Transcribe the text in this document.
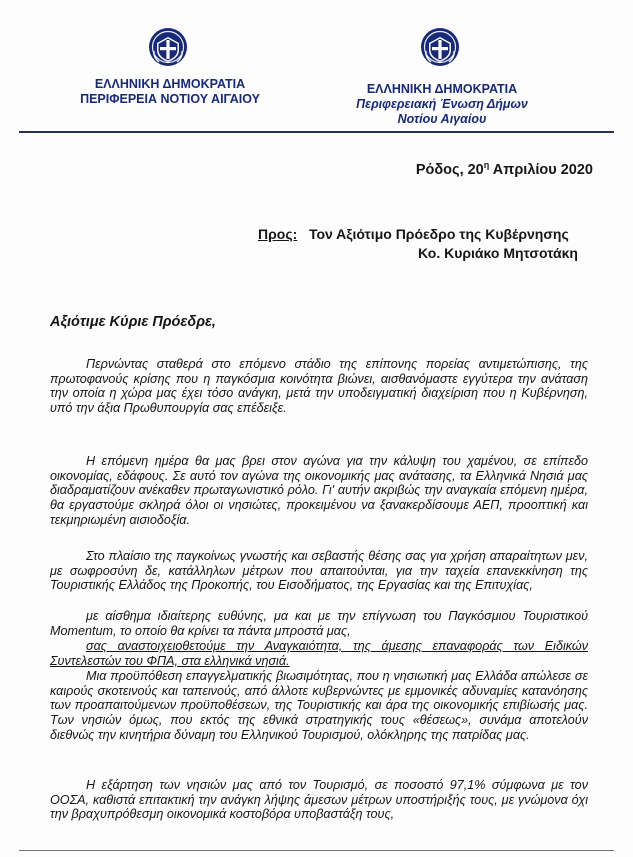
ΕΛΛΗΝΙΚΗ ΔΗΜΟΚΡΑΤΙΑ
ΠΕΡΙΦΕΡΕΙΑ ΝΟΤΙΟΥ ΑΙΓΑΙΟΥ
ΕΛΛΗΝΙΚΗ ΔΗΜΟΚΡΑΤΙΑ
Περιφερειακή Ένωση Δήμων
Νοτίου Αιγαίου
Ρόδος, $20^\eta$ Απριλίου 2020
Προς: Τον Αξιότιμο Πρόεδρο της Κυβέρνησης
Κο. Κυριάκο Μητσοτάκη
Αξιότιμε Κύριε Πρόεδρε,

Περνώντας σταθερά στο επόμενο στάδιο της επίπονης πορείας αντιμετώπισης, της πρωτοφανούς κρίσης που η παγκόσμια κοινότητα βιώνει, αισθανόμαστε εγγύτερα την ανάταση την οποία η χώρα μας έχει τόσο ανάγκη, μετά την υποδειγματική διαχείριση που η Κυβέρνηση, υπό την άξια Πρωθυπουργία σας επέδειξε.

Η επόμενη ημέρα θα μας βρει στον αγώνα για την κάλυψη του χαμένου, σε επίπεδο οικονομίας, εδάφους. Σε αυτό τον αγώνα της οικονομικής μας ανάτασης, τα Ελληνικά Νησιά μας διαδραματίζουν ανέκαθεν πρωταγωνιστικό ρόλο. Γι' αυτήν ακριβώς την αναγκαία επόμενη ημέρα, θα εργαστούμε σκληρά όλοι οι νησιώτες, προκειμένου να ξανακερδίσουμε ΑΕΠ, προοπτική και τεκμηριωμένη αισιοδοξία.

Στο πλαίσιο της παγκοίνως γνωστής και σεβαστής θέσης σας για χρήση απαραίτητων μεν, με σωφροσύνη δε, κατάλληλων μέτρων που απαιτούνται, για την ταχεία επανεκκίνηση της Τουριστικής Ελλάδος της Προκοπής, του Εισοδήματος, της Εργασίας και της Επιτυχίας,

με αίσθημα ιδιαίτερης ευθύνης, μα και με την επίγνωση του Παγκόσμιου Τουριστικού Momentum, το οποίο θα κρίνει τα πάντα μπροστά μας,

σας αναστοιχειοθετούμε την Αναγκαιότητα, της άμεσης επαναφοράς των Ειδικών Συντελεστών του ΦΠΑ, στα ελληνικά νησιά.

Μια προϋπόθεση επαγγελματικής βιωσιμότητας, που η νησιωτική μας Ελλάδα απώλεσε σε καιρούς σκοτεινούς και ταπεινούς, από άλλοτε κυβερνώντες με εμμονικές αδυναμίες κατανόησης των προαπαιτούμενων προϋποθέσεων, της Τουριστικής και άρα της οικονομικής επιβίωσής μας. Των νησιών όμως, που εκτός της εθνικά στρατηγικής τους «θέσεως», συνάμα αποτελούν διεθνώς την κινητήρια δύναμη του Ελληνικού Τουρισμού, ολόκληρης της πατρίδας μας.

Η εξάρτηση των νησιών μας από τον Τουρισμό, σε ποσοστό 97,1% σύμφωνα με τον ΟΟΣΑ, καθιστά επιτακτική την ανάγκη λήψης άμεσων μέτρων υποστήριξής τους, με γνώμονα όχι την βραχυπρόθεσμη οικονομικά κοστοβόρα υποβαστάξη τους,
